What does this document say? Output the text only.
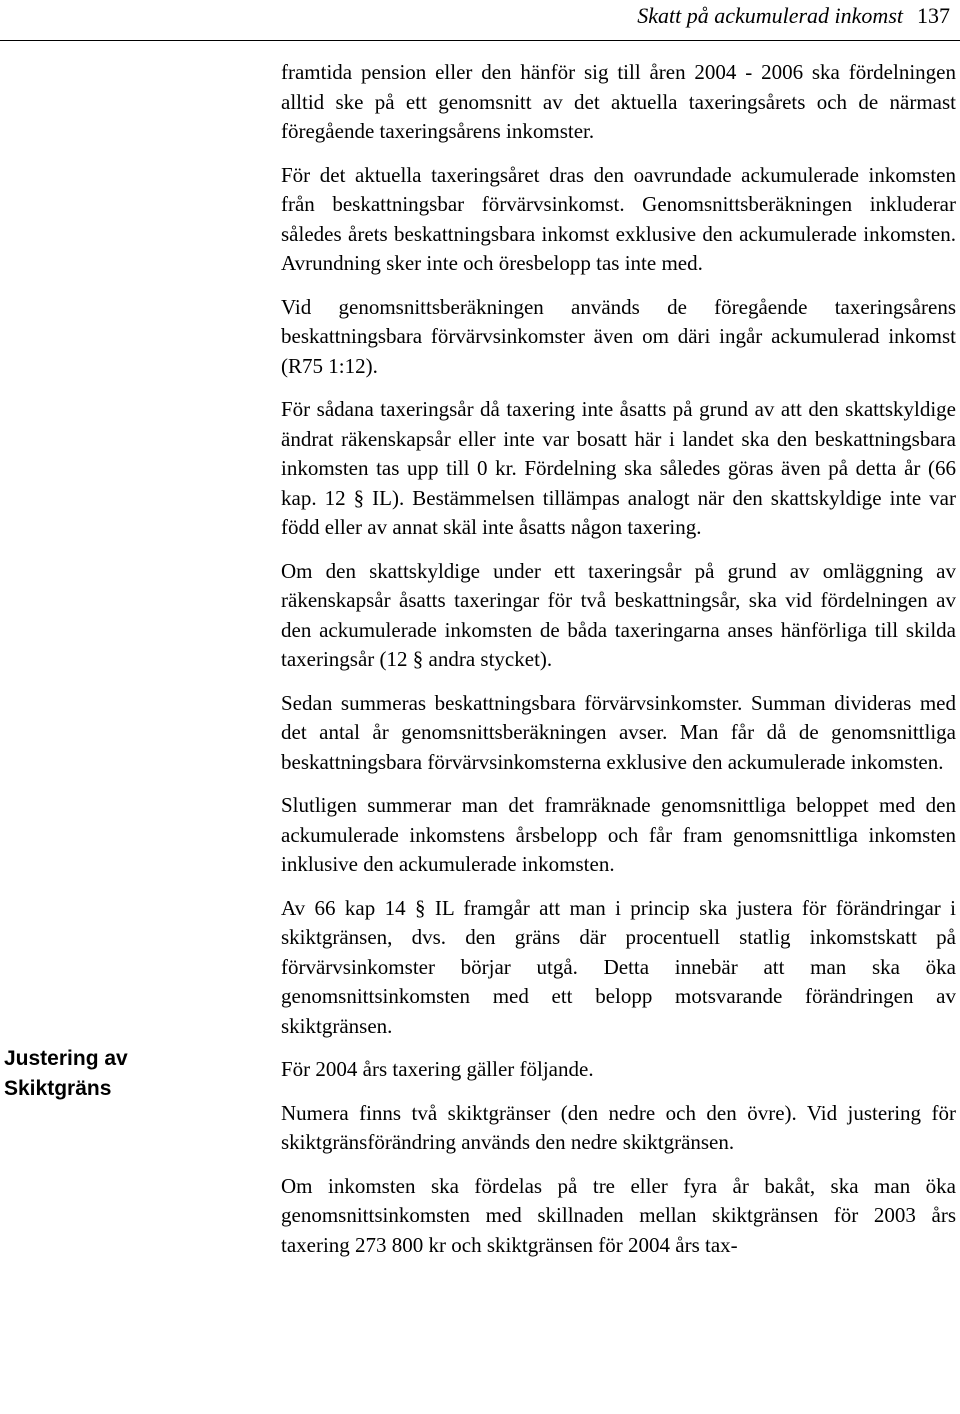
Skatt på ackumulerad inkomst 137
Justering av
Skiktgräns

framtida pension eller den hänför sig till åren 2004 - 2006 ska fördelningen alltid ske på ett genomsnitt av det aktuella taxeringsårets och de närmast föregående taxeringsårens inkomster.

För det aktuella taxeringsåret dras den oavrundade ackumulerade inkomsten från beskattningsbar förvärvsinkomst. Genomsnittsberäkningen inkluderar således årets beskattningsbara inkomst exklusive den ackumulerade inkomsten. Avrundning sker inte och öresbelopp tas inte med.

Vid genomsnittsberäkningen används de föregående taxeringsårens beskattningsbara förvärvsinkomster även om däri ingår ackumulerad inkomst (R75 1:12).

För sådana taxeringsår då taxering inte åsatts på grund av att den skattskyldige ändrat räkenskapsår eller inte var bosatt här i landet ska den beskattningsbara inkomsten tas upp till 0 kr. Fördelning ska således göras även på detta år (66 kap. 12 § IL). Bestämmelsen tillämpas analogt när den skattskyldige inte var född eller av annat skäl inte åsatts någon taxering.

Om den skattskyldige under ett taxeringsår på grund av omläggning av räkenskapsår åsatts taxeringar för två beskattningsår, ska vid fördelningen av den ackumulerade inkomsten de båda taxeringarna anses hänförliga till skilda taxeringsår (12 § andra stycket).

Sedan summeras beskattningsbara förvärvsinkomster. Summan divideras med det antal år genomsnittsberäkningen avser. Man får då de genomsnittliga beskattningsbara förvärvsinkomsterna exklusive den ackumulerade inkomsten.

Slutligen summerar man det framräknade genomsnittliga beloppet med den ackumulerade inkomstens årsbelopp och får fram genomsnittliga inkomsten inklusive den ackumulerade inkomsten.

Av 66 kap 14 § IL framgår att man i princip ska justera för förändringar i skiktgränsen, dvs. den gräns där procentuell statlig inkomstskatt på förvärvsinkomster börjar utgå. Detta innebär att man ska öka genomsnittsinkomsten med ett belopp motsvarande förändringen av skiktgränsen.

För 2004 års taxering gäller följande.

Numera finns två skiktgränser (den nedre och den övre). Vid justering för skiktgränsförändring används den nedre skiktgränsen.

Om inkomsten ska fördelas på tre eller fyra år bakåt, ska man öka genomsnittsinkomsten med skillnaden mellan skiktgränsen för 2003 års taxering 273 800 kr och skiktgränsen för 2004 års tax-
